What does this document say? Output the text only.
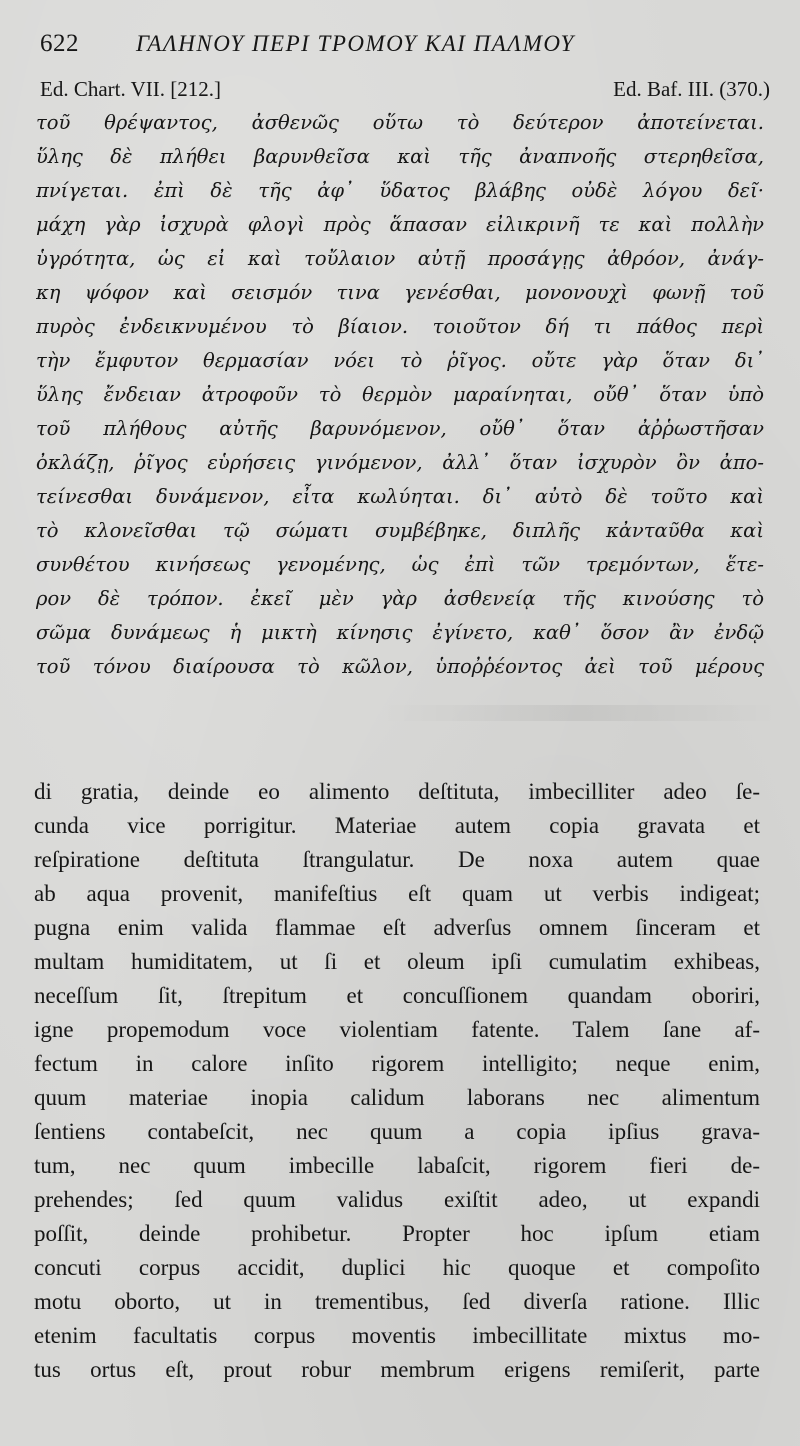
622 ΓΑΛΗΝΟΥ ΠΕΡΙ ΤΡΟΜΟΥ ΚΑΙ ΠΑΛΜΟΥ
Ed. Chart. VII. [212.]	Ed. Baf. III. (370.)
τοῦ θρέψαντος, ἀσθενῶς οὕτω τὸ δεύτερον ἀποτείνεται.
ὕλης δὲ πλήθει βαρυνθεῖσα καὶ τῆς ἀναπνοῆς στερηθεῖσα,
πνίγεται. ἐπὶ δὲ τῆς ἀφ᾽ ὕδατος βλάβης οὐδὲ λόγου δεῖ·
μάχη γὰρ ἰσχυρὰ φλογὶ πρὸς ἅπασαν εἰλικρινῆ τε καὶ πολλὴν
ὑγρότητα, ὡς εἰ καὶ τοὔλαιον αὐτῇ προσάγῃς ἀθρόον, ἀνάγ-
κη ψόφον καὶ σεισμόν τινα γενέσθαι, μονονουχὶ φωνῇ τοῦ
πυρὸς ἐνδεικνυμένου τὸ βίαιον. τοιοῦτον δή τι πάθος περὶ
τὴν ἔμφυτον θερμασίαν νόει τὸ ῥῖγος. οὔτε γὰρ ὅταν δι᾽
ὕλης ἔνδειαν ἀτροφοῦν τὸ θερμὸν μαραίνηται, οὔθ᾽ ὅταν ὑπὸ
τοῦ πλήθους αὐτῆς βαρυνόμενον, οὔθ᾽ ὅταν ἀῤῥωστῆσαν
ὀκλάζῃ, ῥῖγος εὑρήσεις γινόμενον, ἀλλ᾽ ὅταν ἰσχυρὸν ὂν ἀπο-
τείνεσθαι δυνάμενον, εἶτα κωλύηται. δι᾽ αὐτὸ δὲ τοῦτο καὶ
τὸ κλονεῖσθαι τῷ σώματι συμβέβηκε, διπλῆς κἀνταῦθα καὶ
συνθέτου κινήσεως γενομένης, ὡς ἐπὶ τῶν τρεμόντων, ἕτε-
ρον δὲ τρόπον. ἐκεῖ μὲν γὰρ ἀσθενείᾳ τῆς κινούσης τὸ
σῶμα δυνάμεως ἡ μικτὴ κίνησις ἐγίνετο, καθ᾽ ὅσον ἂν ἐνδῷ
τοῦ τόνου διαίρουσα τὸ κῶλον, ὑποῤῥέοντος ἀεὶ τοῦ μέρους
di gratia, deinde eo alimento deſtituta, imbecilliter adeo ſe-
cunda vice porrigitur. Materiae autem copia gravata et
reſpiratione deſtituta ſtrangulatur. De noxa autem quae
ab aqua provenit, manifeſtius eſt quam ut verbis indigeat;
pugna enim valida flammae eſt adverſus omnem ſinceram et
multam humiditatem, ut ſi et oleum ipſi cumulatim exhibeas,
neceſſum ſit, ſtrepitum et concuſſionem quandam oboriri,
igne propemodum voce violentiam fatente. Talem ſane af-
fectum in calore inſito rigorem intelligito; neque enim,
quum materiae inopia calidum laborans nec alimentum
ſentiens contabeſcit, nec quum a copia ipſius grava-
tum, nec quum imbecille labaſcit, rigorem fieri de-
prehendes; ſed quum validus exiſtit adeo, ut expandi
poſſit, deinde prohibetur. Propter hoc ipſum etiam
concuti corpus accidit, duplici hic quoque et compoſito
motu oborto, ut in trementibus, ſed diverſa ratione. Illic
etenim facultatis corpus moventis imbecillitate mixtus mo-
tus ortus eſt, prout robur membrum erigens remiſerit, parte
